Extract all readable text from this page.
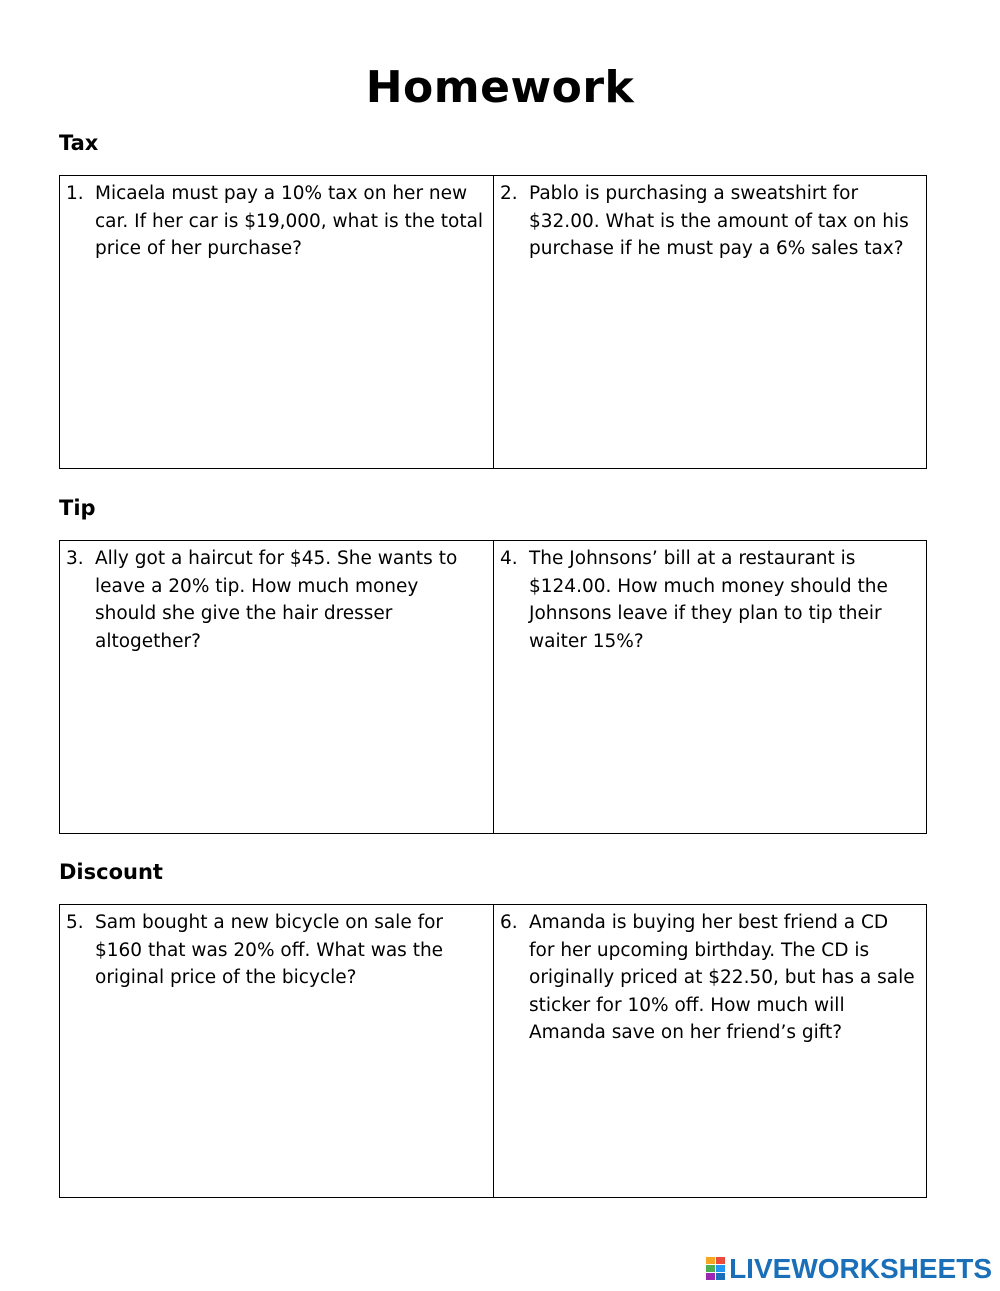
Homework
Tax
1. Micaela must pay a 10% tax on her new car. If her car is $19,000, what is the total price of her purchase?
2. Pablo is purchasing a sweatshirt for $32.00. What is the amount of tax on his purchase if he must pay a 6% sales tax?
Tip
3. Ally got a haircut for $45. She wants to leave a 20% tip. How much money should she give the hair dresser altogether?
4. The Johnsons’ bill at a restaurant is $124.00. How much money should the Johnsons leave if they plan to tip their waiter 15%?
Discount
5. Sam bought a new bicycle on sale for $160 that was 20% off. What was the original price of the bicycle?
6. Amanda is buying her best friend a CD for her upcoming birthday. The CD is originally priced at $22.50, but has a sale sticker for 10% off. How much will Amanda save on her friend’s gift?
LIVEWORKSHEETS
